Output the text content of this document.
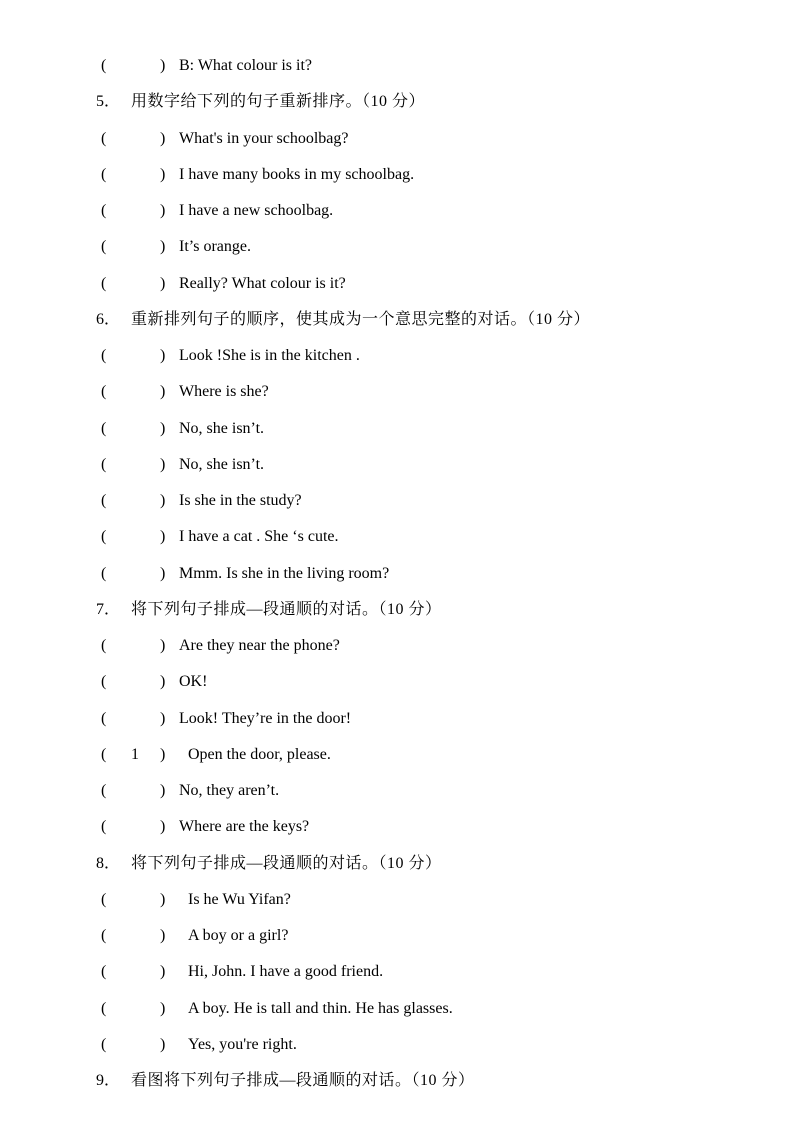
(	) B: What colour is it?
5． 用数字给下列的句子重新排序。（10 分）
(	) What's in your schoolbag?
(	) I have many books in my schoolbag.
(	) I have a new schoolbag.
(	) It’s orange.
(	) Really? What colour is it?
6． 重新排列句子的顺序，使其成为一个意思完整的对话。（10 分）
(	) Look !She is in the kitchen .
(	) Where is she?
(	) No, she isn’t.
(	) No, she isn’t.
(	) Is she in the study?
(	) I have a cat . She ‘s cute.
(	) Mmm. Is she in the living room?
7． 将下列句子排成—段通顺的对话。（10 分）
(	) Are they near the phone?
(	) OK!
(	) Look! They’re in the door!
( 1 ) Open the door, please.
(	) No, they aren’t.
(	) Where are the keys?
8． 将下列句子排成—段通顺的对话。（10 分）
(	) Is he Wu Yifan?
(	) A boy or a girl?
(	) Hi, John. I have a good friend.
(	) A boy. He is tall and thin. He has glasses.
(	) Yes, you're right.
9． 看图将下列句子排成—段通顺的对话。（10 分）
